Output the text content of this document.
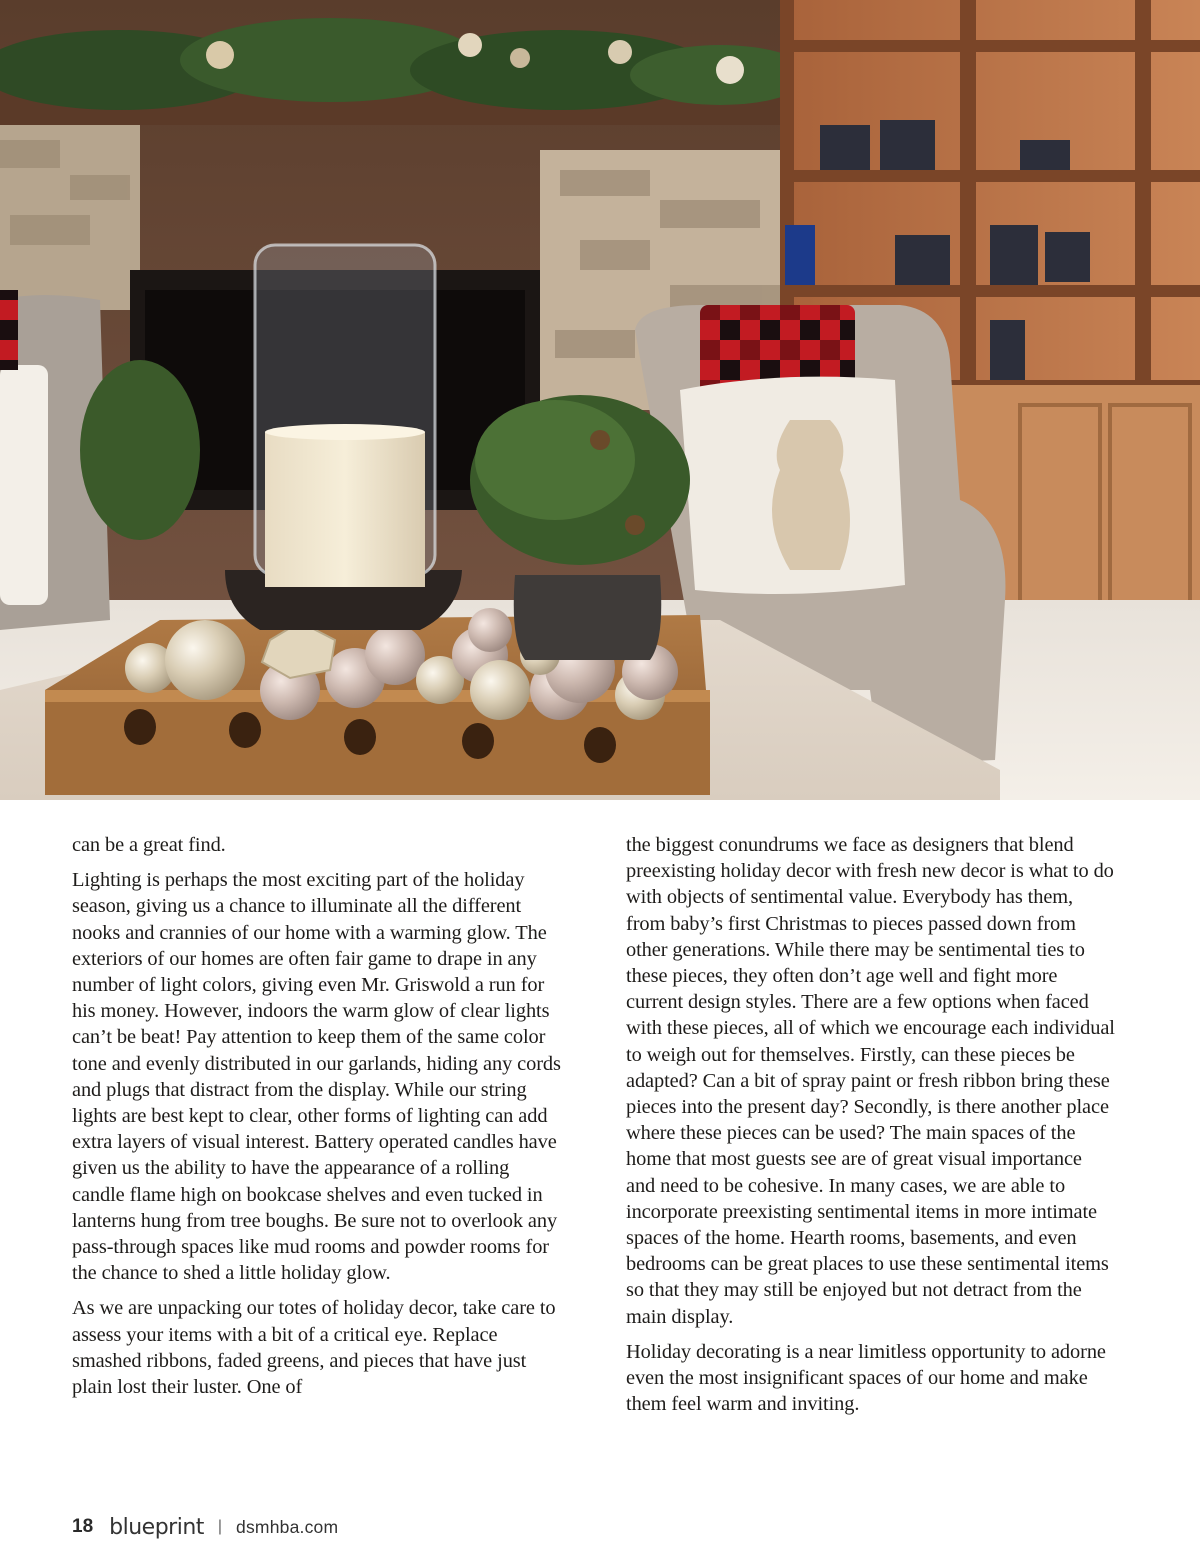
can be a great find.

Lighting is perhaps the most exciting part of the holiday season, giving us a chance to illuminate all the different nooks and crannies of our home with a warming glow. The exteriors of our homes are often fair game to drape in any number of light colors, giving even Mr. Griswold a run for his money. However, indoors the warm glow of clear lights can’t be beat! Pay attention to keep them of the same color tone and evenly distributed in our garlands, hiding any cords and plugs that distract from the display. While our string lights are best kept to clear, other forms of lighting can add extra layers of visual interest. Battery operated candles have given us the ability to have the appearance of a rolling candle flame high on bookcase shelves and even tucked in lanterns hung from tree boughs. Be sure not to overlook any pass-through spaces like mud rooms and powder rooms for the chance to shed a little holiday glow.

As we are unpacking our totes of holiday decor, take care to assess your items with a bit of a critical eye. Replace smashed ribbons, faded greens, and pieces that have just plain lost their luster. One of

the biggest conundrums we face as designers that blend preexisting holiday decor with fresh new decor is what to do with objects of sentimental value. Everybody has them, from baby’s first Christmas to pieces passed down from other generations. While there may be sentimental ties to these pieces, they often don’t age well and fight more current design styles. There are a few options when faced with these pieces, all of which we encourage each individual to weigh out for themselves. Firstly, can these pieces be adapted? Can a bit of spray paint or fresh ribbon bring these pieces into the present day? Secondly, is there another place where these pieces can be used? The main spaces of the home that most guests see are of great visual importance and need to be cohesive. In many cases, we are able to incorporate preexisting sentimental items in more intimate spaces of the home. Hearth rooms, basements, and even bedrooms can be great places to use these sentimental items so that they may still be enjoyed but not detract from the main display.

Holiday decorating is a near limitless opportunity to adorne even the most insignificant spaces of our home and make them feel warm and inviting.

18 blueprint | dsmhba.com
